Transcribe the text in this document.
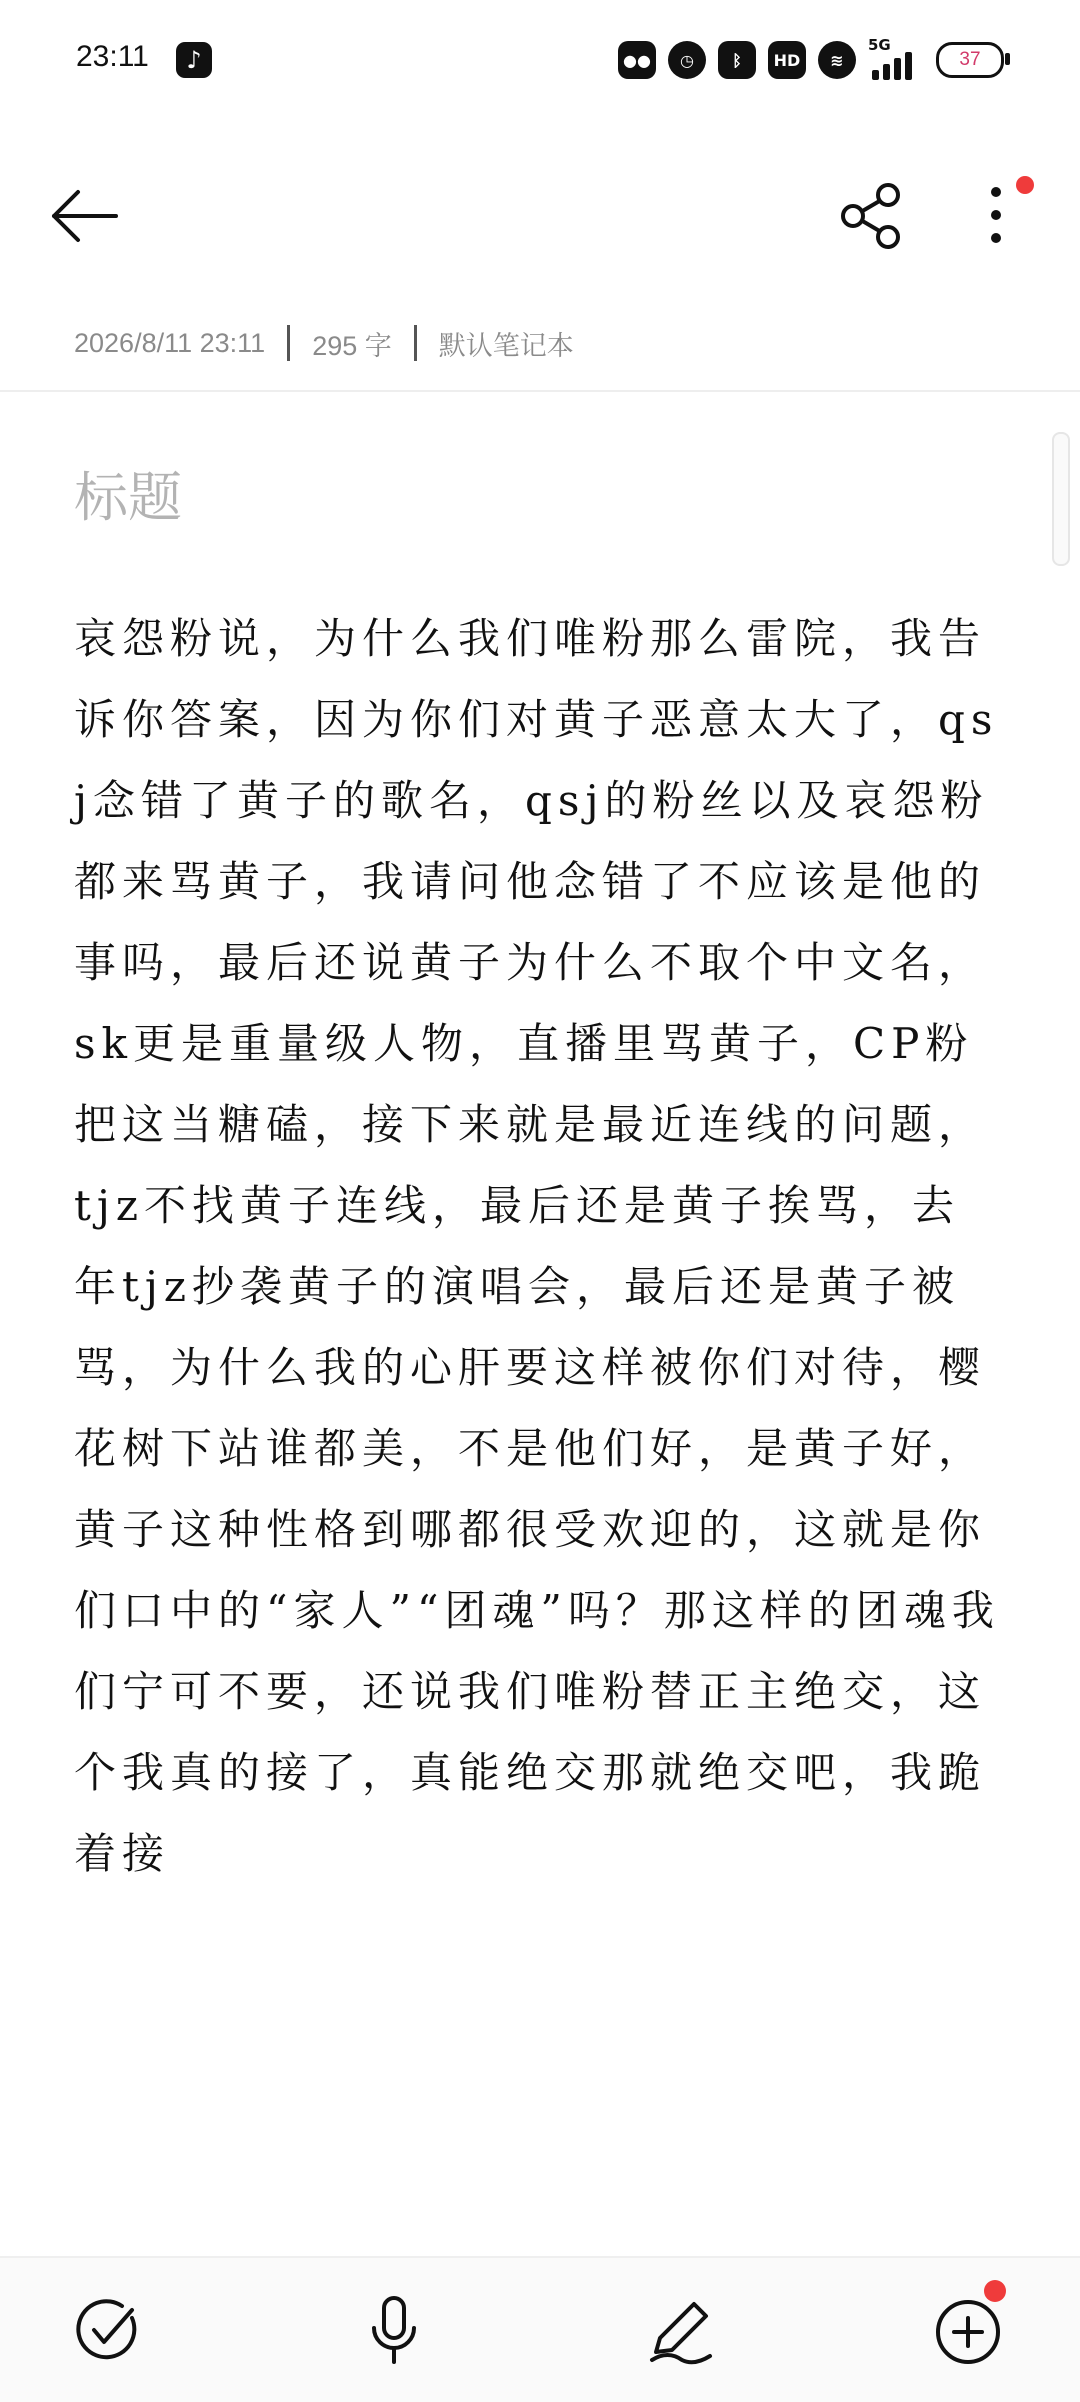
23:11	♪	●●	◷	ᛒ	HD	≋
5G
37
2026/8/11 23:11 295 字 默认笔记本
标题
哀怨粉说，为什么我们唯粉那么雷院，我告诉你答案，因为你们对黄子恶意太大了，qsj念错了黄子的歌名，qsj的粉丝以及哀怨粉都来骂黄子，我请问他念错了不应该是他的事吗，最后还说黄子为什么不取个中文名，sk更是重量级人物，直播里骂黄子，CP粉把这当糖磕，接下来就是最近连线的问题，tjz不找黄子连线，最后还是黄子挨骂，去年tjz抄袭黄子的演唱会，最后还是黄子被骂，为什么我的心肝要这样被你们对待，樱花树下站谁都美，不是他们好，是黄子好，黄子这种性格到哪都很受欢迎的，这就是你们口中的“家人”“团魂”吗？那这样的团魂我们宁可不要，还说我们唯粉替正主绝交，这个我真的接了，真能绝交那就绝交吧，我跪着接
